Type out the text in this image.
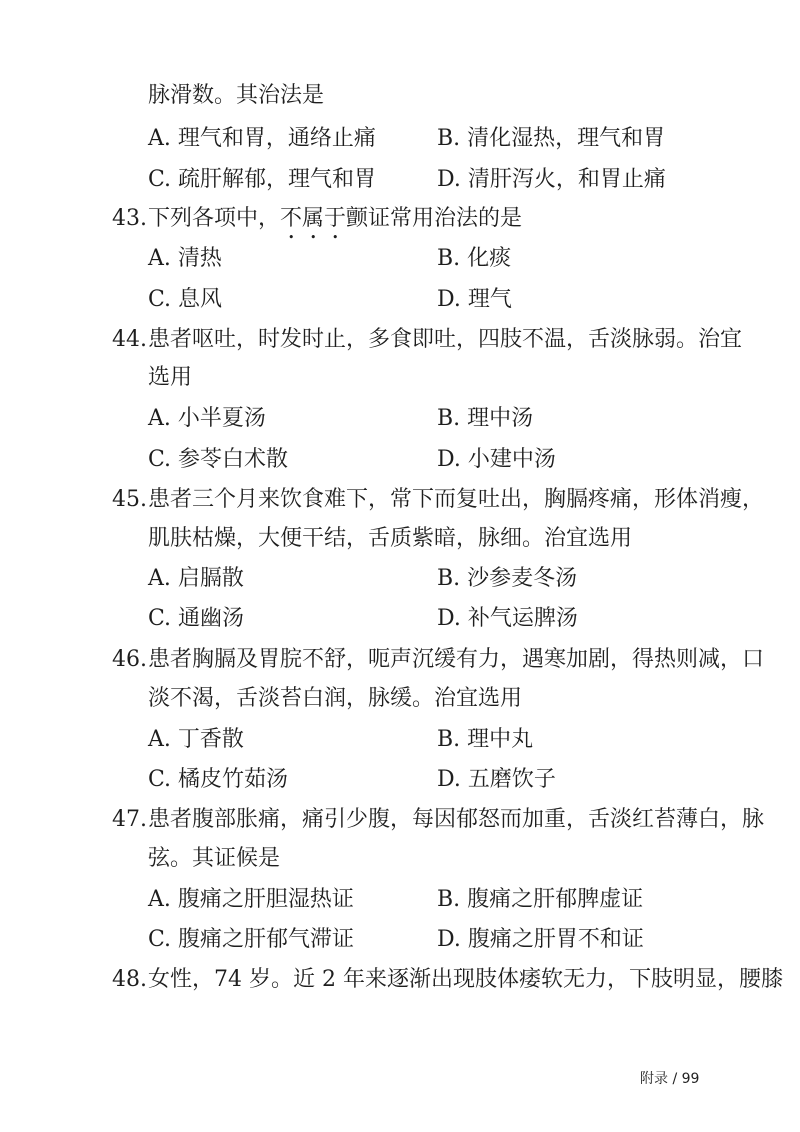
脉滑数。其治法是
A. 理气和胃，通络止痛	B. 清化湿热，理气和胃
C. 疏肝解郁，理气和胃	D. 清肝泻火，和胃止痛
43. 下列各项中，不属于颤证常用治法的是
A. 清热	B. 化痰
C. 息风	D. 理气
44. 患者呕吐，时发时止，多食即吐，四肢不温，舌淡脉弱。治宜
选用
A. 小半夏汤	B. 理中汤
C. 参苓白术散	D. 小建中汤
45. 患者三个月来饮食难下，常下而复吐出，胸膈疼痛，形体消瘦，
肌肤枯燥，大便干结，舌质紫暗，脉细。治宜选用
A. 启膈散	B. 沙参麦冬汤
C. 通幽汤	D. 补气运脾汤
46. 患者胸膈及胃脘不舒，呃声沉缓有力，遇寒加剧，得热则减，口
淡不渴，舌淡苔白润，脉缓。治宜选用
A. 丁香散	B. 理中丸
C. 橘皮竹茹汤	D. 五磨饮子
47. 患者腹部胀痛，痛引少腹，每因郁怒而加重，舌淡红苔薄白，脉
弦。其证候是
A. 腹痛之肝胆湿热证	B. 腹痛之肝郁脾虚证
C. 腹痛之肝郁气滞证	D. 腹痛之肝胃不和证
48. 女性，74 岁。近 2 年来逐渐出现肢体痿软无力，下肢明显，腰膝
附录 / 99
